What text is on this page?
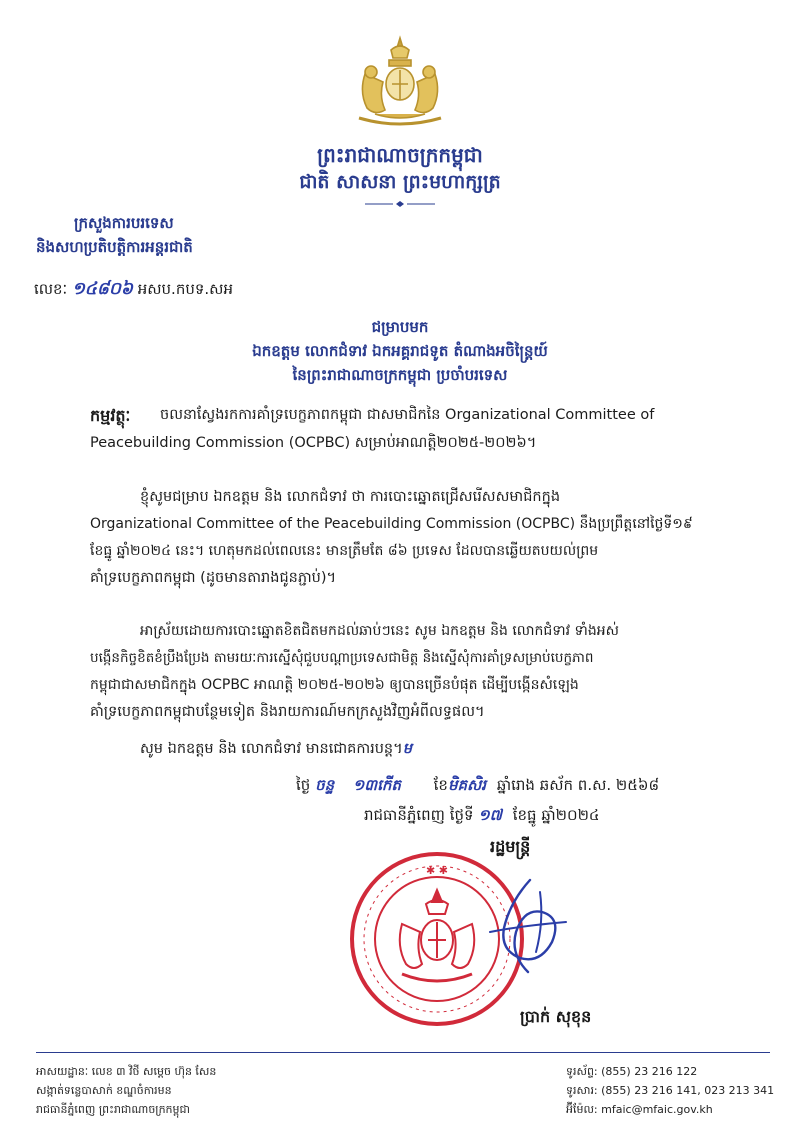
ព្រះរាជាណាចក្រកម្ពុជា
ជាតិ សាសនា ព្រះមហាក្សត្រ
ក្រសួងការបរទេស
និងសហប្រតិបត្តិការអន្តរជាតិ
លេខៈ ១៤៨០៦ អសប.កបទ.សអ
ជម្រាបមក
ឯកឧត្តម លោកជំទាវ ឯកអគ្គរាជទូត តំណាងអចិន្ត្រៃយ៍
នៃព្រះរាជាណាចក្រកម្ពុជា ប្រចាំបរទេស
កម្មវត្ថុៈ ចលនាស្វែងរកការគាំទ្របេក្ខភាពកម្ពុជា ជាសមាជិកនៃ Organizational Committee of
Peacebuilding Commission (OCPBC) សម្រាប់អាណត្តិ២០២៥-២០២៦។
ខ្ញុំសូមជម្រាប ឯកឧត្តម និង លោកជំទាវ ថា ការបោះឆ្នោតជ្រើសរើសសមាជិកក្នុង
Organizational Committee of the Peacebuilding Commission (OCPBC) នឹងប្រព្រឹត្តនៅថ្ងៃទី១៩
ខែធ្នូ ឆ្នាំ២០២៤ នេះ។ ហេតុមកដល់ពេលនេះ មានត្រឹមតែ ៨៦ ប្រទេស ដែលបានឆ្លើយតបយល់ព្រម
គាំទ្របេក្ខភាពកម្ពុជា (ដូចមានតារាងជូនភ្ជាប់)។
អាស្រ័យដោយការបោះឆ្នោតខិតជិតមកដល់ឆាប់ៗនេះ សូម ឯកឧត្តម និង លោកជំទាវ ទាំងអស់
បង្កើនកិច្ចខិតខំប្រឹងប្រែង តាមរយៈការស្នើសុំជួបបណ្ដាប្រទេសជាមិត្ត និងស្នើសុំការគាំទ្រសម្រាប់បេក្ខភាព
កម្ពុជាជាសមាជិកក្នុង OCPBC អាណត្តិ ២០២៥-២០២៦ ឲ្យបានច្រើនបំផុត ដើម្បីបង្កើនសំឡេង
គាំទ្របេក្ខភាពកម្ពុជាបន្ថែមទៀត និងរាយការណ៍មកក្រសួងវិញអំពីលទ្ធផល។
សូម ឯកឧត្តម និង លោកជំទាវ មានជោគការបន្ត។ម
ថ្ងៃ ចន្ទ ១៣កើត ខែមិគសិរ ឆ្នាំរោង ឆស័ក ព.ស. ២៥៦៨
រាជធានីភ្នំពេញ ថ្ងៃទី ១៧ ខែធ្នូ ឆ្នាំ២០២៤
រដ្ឋមន្ត្រី
✱ ✱
ប្រាក់ សុខុន
អាសយដ្ឋានៈ លេខ ៣ វិថី សម្ដេច ហ៊ុន សែន
សង្កាត់ទន្លេបាសាក់ ខណ្ឌចំការមន
រាជធានីភ្នំពេញ ព្រះរាជាណាចក្រកម្ពុជា
ទូរស័ព្ទ: (855) 23 216 122
ទូរសារ: (855) 23 216 141, 023 213 341
អ៊ីម៉ែល: mfaic@mfaic.gov.kh
